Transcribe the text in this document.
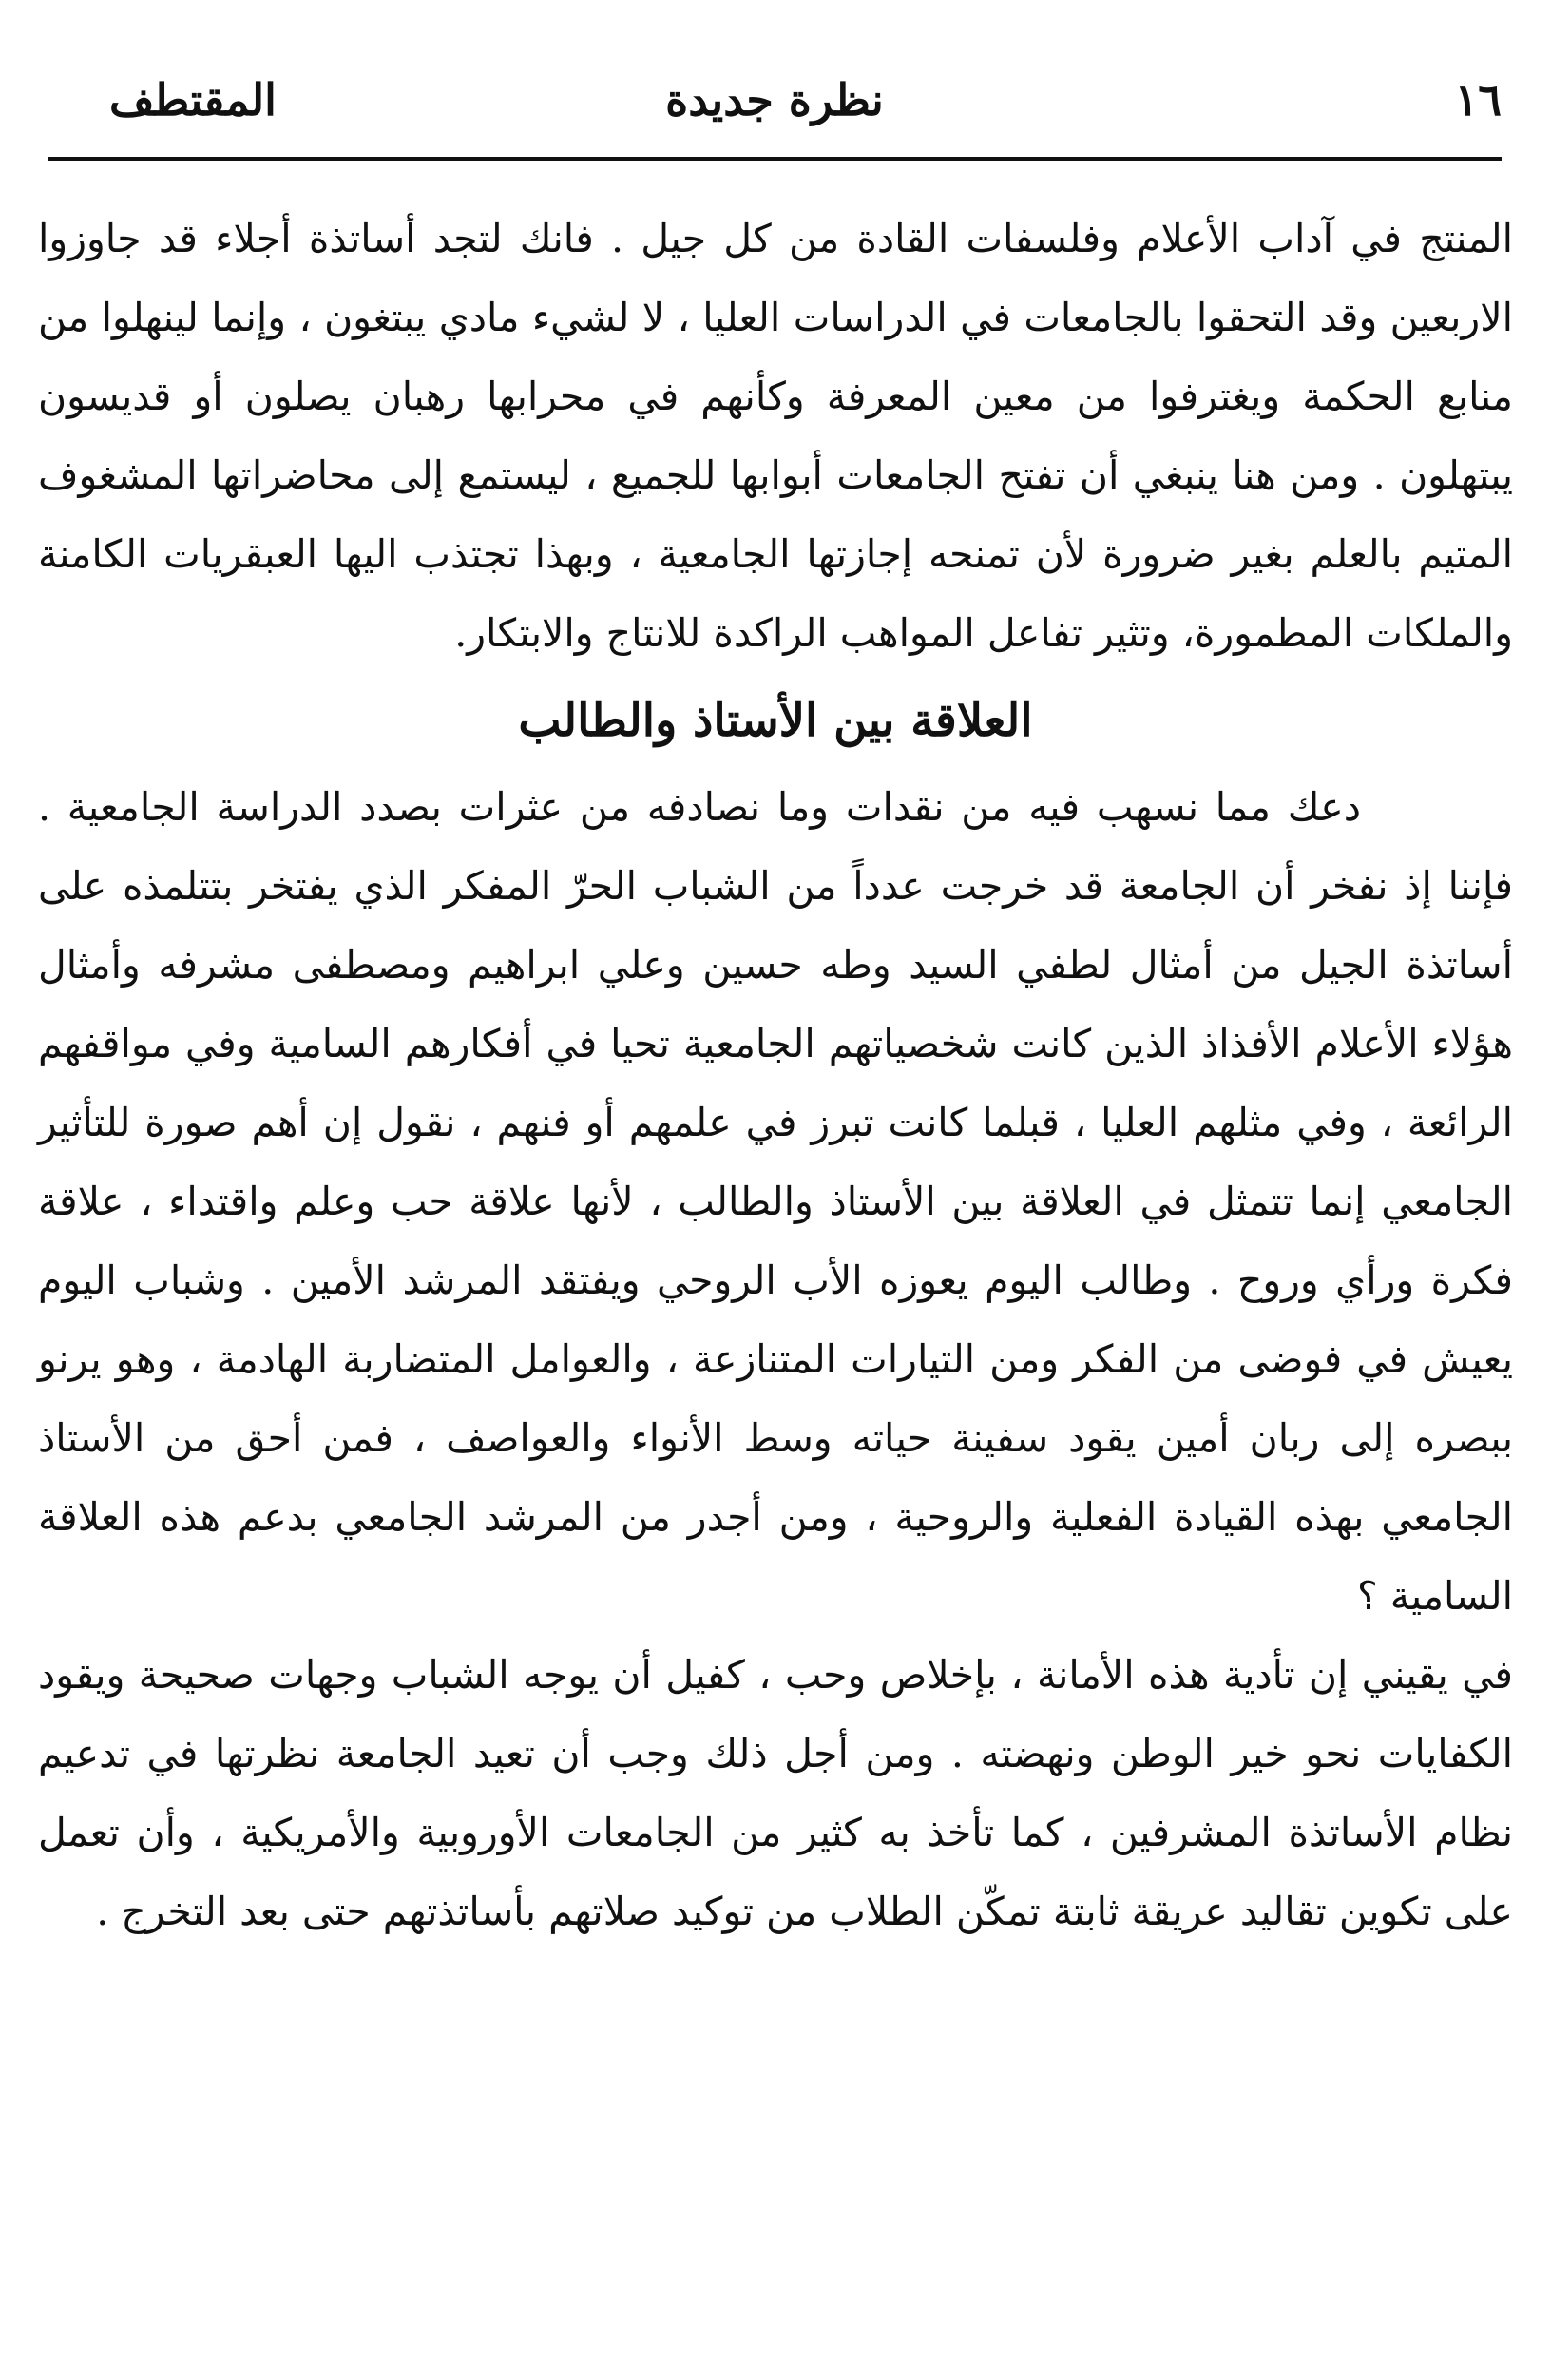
١٦
نظرة جديدة
المقتطف

المنتج في آداب الأعلام وفلسفات القادة من كل جيل . فانك لتجد أساتذة أجلاء قد جاوزوا الاربعين وقد التحقوا بالجامعات في الدراسات العليا ، لا لشيء مادي يبتغون ، وإنما لينهلوا من منابع الحكمة ويغترفوا من معين المعرفة وكأنهم في محرابها رهبان يصلون أو قديسون يبتهلون . ومن هنا ينبغي أن تفتح الجامعات أبوابها للجميع ، ليستمع إلى محاضراتها المشغوف المتيم بالعلم بغير ضرورة لأن تمنحه إجازتها الجامعية ، وبهذا تجتذب اليها العبقريات الكامنة والملكات المطمورة، وتثير تفاعل المواهب الراكدة للانتاج والابتكار.

العلاقة بين الأستاذ والطالب

دعك مما نسهب فيه من نقدات وما نصادفه من عثرات بصدد الدراسة الجامعية . فإننا إذ نفخر أن الجامعة قد خرجت عدداً من الشباب الحرّ المفكر الذي يفتخر بتتلمذه على أساتذة الجيل من أمثال لطفي السيد وطه حسين وعلي ابراهيم ومصطفى مشرفه وأمثال هؤلاء الأعلام الأفذاذ الذين كانت شخصياتهم الجامعية تحيا في أفكارهم السامية وفي مواقفهم الرائعة ، وفي مثلهم العليا ، قبلما كانت تبرز في علمهم أو فنهم ، نقول إن أهم صورة للتأثير الجامعي إنما تتمثل في العلاقة بين الأستاذ والطالب ، لأنها علاقة حب وعلم واقتداء ، علاقة فكرة ورأي وروح . وطالب اليوم يعوزه الأب الروحي ويفتقد المرشد الأمين . وشباب اليوم يعيش في فوضى من الفكر ومن التيارات المتنازعة ، والعوامل المتضاربة الهادمة ، وهو يرنو ببصره إلى ربان أمين يقود سفينة حياته وسط الأنواء والعواصف ، فمن أحق من الأستاذ الجامعي بهذه القيادة الفعلية والروحية ، ومن أجدر من المرشد الجامعي بدعم هذه العلاقة السامية ؟

في يقيني إن تأدية هذه الأمانة ، بإخلاص وحب ، كفيل أن يوجه الشباب وجهات صحيحة ويقود الكفايات نحو خير الوطن ونهضته . ومن أجل ذلك وجب أن تعيد الجامعة نظرتها في تدعيم نظام الأساتذة المشرفين ، كما تأخذ به كثير من الجامعات الأوروبية والأمريكية ، وأن تعمل على تكوين تقاليد عريقة ثابتة تمكّن الطلاب من توكيد صلاتهم بأساتذتهم حتى بعد التخرج .
